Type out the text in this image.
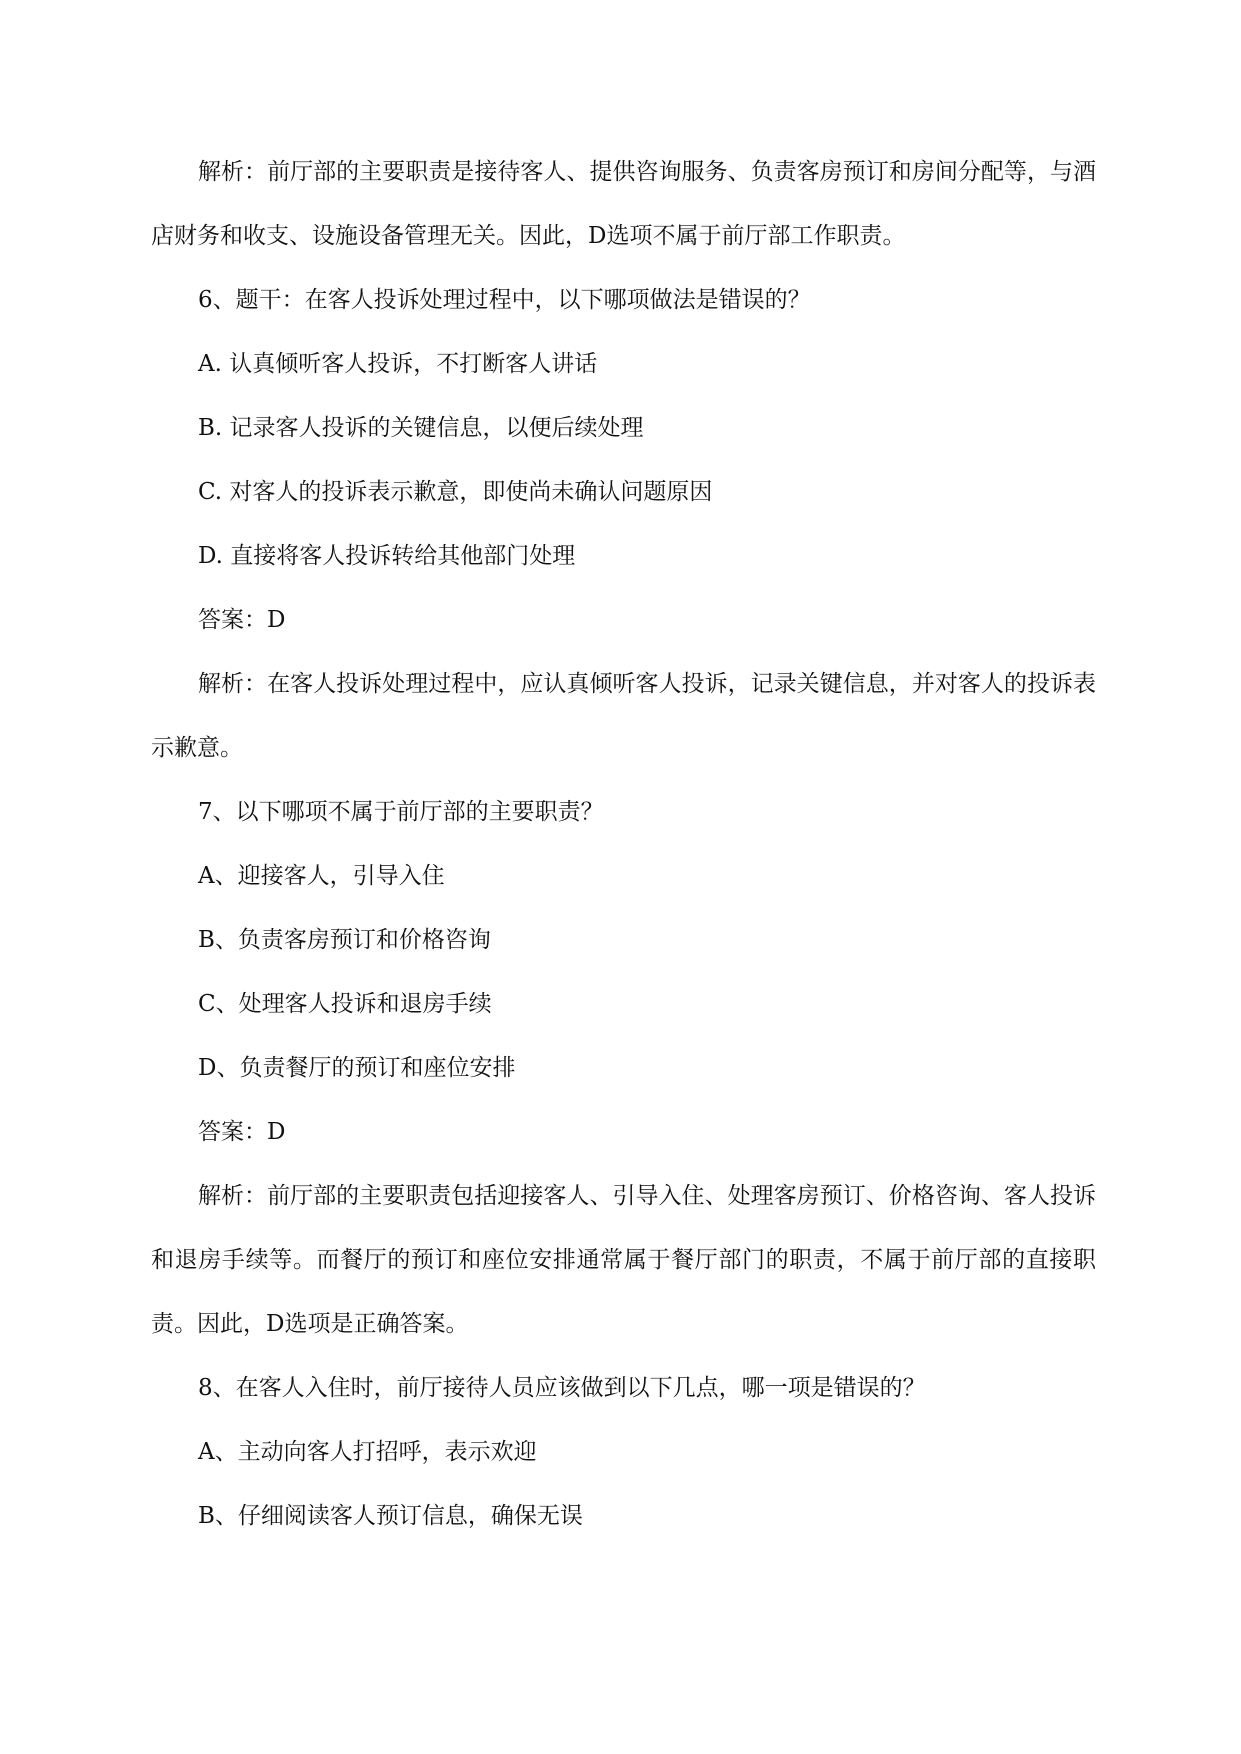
解析：前厅部的主要职责是接待客人、提供咨询服务、负责客房预订和房间分配等，与酒店财务和收支、设施设备管理无关。因此，D选项不属于前厅部工作职责。

6、题干：在客人投诉处理过程中，以下哪项做法是错误的？

A. 认真倾听客人投诉，不打断客人讲话

B. 记录客人投诉的关键信息，以便后续处理

C. 对客人的投诉表示歉意，即使尚未确认问题原因

D. 直接将客人投诉转给其他部门处理

答案：D

解析：在客人投诉处理过程中，应认真倾听客人投诉，记录关键信息，并对客人的投诉表示歉意。

7、以下哪项不属于前厅部的主要职责？

A、迎接客人，引导入住

B、负责客房预订和价格咨询

C、处理客人投诉和退房手续

D、负责餐厅的预订和座位安排

答案：D

解析：前厅部的主要职责包括迎接客人、引导入住、处理客房预订、价格咨询、客人投诉和退房手续等。而餐厅的预订和座位安排通常属于餐厅部门的职责，不属于前厅部的直接职责。因此，D选项是正确答案。

8、在客人入住时，前厅接待人员应该做到以下几点，哪一项是错误的？

A、主动向客人打招呼，表示欢迎

B、仔细阅读客人预订信息，确保无误
